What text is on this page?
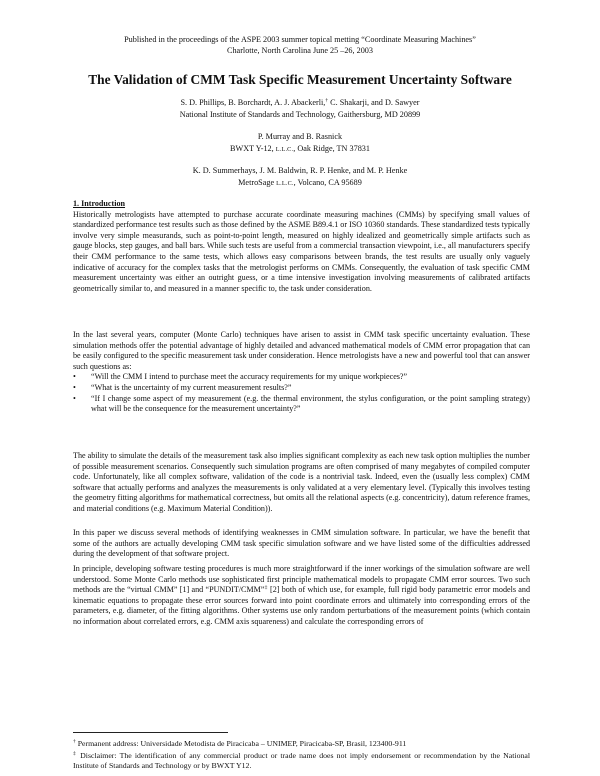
Published in the proceedings of the ASPE 2003 summer topical metting “Coordinate Measuring Machines”
Charlotte, North Carolina June 25 –26, 2003
The Validation of CMM Task Specific Measurement Uncertainty Software
S. D. Phillips, B. Borchardt, A. J. Abackerli,† C. Shakarji, and D. Sawyer
National Institute of Standards and Technology, Gaithersburg, MD 20899
P. Murray and B. Rasnick
BWXT Y-12, L.L.C., Oak Ridge, TN 37831
K. D. Summerhays, J. M. Baldwin, R. P. Henke, and M. P. Henke
MetroSage L.L.C., Volcano, CA 95689
1. Introduction
Historically metrologists have attempted to purchase accurate coordinate measuring machines (CMMs) by specifying small values of standardized performance test results such as those defined by the ASME B89.4.1 or ISO 10360 standards. These standardized tests typically involve very simple measurands, such as point-to-point length, measured on highly idealized and geometrically simple artifacts such as gauge blocks, step gauges, and ball bars. While such tests are useful from a commercial transaction viewpoint, i.e., all manufacturers specify their CMM performance to the same tests, which allows easy comparisons between brands, the test results are usually only vaguely indicative of accuracy for the complex tasks that the metrologist performs on CMMs. Consequently, the evaluation of task specific CMM measurement uncertainty was either an outright guess, or a time intensive investigation involving measurements of calibrated artifacts geometrically similar to, and measured in a manner specific to, the task under consideration.
In the last several years, computer (Monte Carlo) techniques have arisen to assist in CMM task specific uncertainty evaluation. These simulation methods offer the potential advantage of highly detailed and advanced mathematical models of CMM error propagation that can be easily configured to the specific measurement task under consideration. Hence metrologists have a new and powerful tool that can answer such questions as:
• “Will the CMM I intend to purchase meet the accuracy requirements for my unique workpieces?”
• “What is the uncertainty of my current measurement results?”
• “If I change some aspect of my measurement (e.g. the thermal environment, the stylus configuration, or the point sampling strategy) what will be the consequence for the measurement uncertainty?”
The ability to simulate the details of the measurement task also implies significant complexity as each new task option multiplies the number of possible measurement scenarios. Consequently such simulation programs are often comprised of many megabytes of compiled computer code. Unfortunately, like all complex software, validation of the code is a nontrivial task. Indeed, even the (usually less complex) CMM software that actually performs and analyzes the measurements is only validated at a very elementary level. (Typically this involves testing the geometry fitting algorithms for mathematical correctness, but omits all the relational aspects (e.g. concentricity), datum reference frames, and material conditions (e.g. Maximum Material Condition)).
In this paper we discuss several methods of identifying weaknesses in CMM simulation software. In particular, we have the benefit that some of the authors are actually developing CMM task specific simulation software and we have listed some of the difficulties addressed during the development of that software project.
In principle, developing software testing procedures is much more straightforward if the inner workings of the simulation software are well understood. Some Monte Carlo methods use sophisticated first principle mathematical models to propagate CMM error sources. Two such methods are the “virtual CMM” [1] and “PUNDIT/CMM”‡ [2] both of which use, for example, full rigid body parametric error models and kinematic equations to propagate these error sources forward into point coordinate errors and ultimately into corresponding errors of the parameters, e.g. diameter, of the fitting algorithms. Other systems use only random perturbations of the measurement points (which contain no information about correlated errors, e.g. CMM axis squareness) and calculate the corresponding errors of
† Permanent address: Universidade Metodista de Piracicaba – UNIMEP, Piracicaba-SP, Brasil, 123400-911
‡ Disclaimer: The identification of any commercial product or trade name does not imply endorsement or recommendation by the National Institute of Standards and Technology or by BWXT Y12.
